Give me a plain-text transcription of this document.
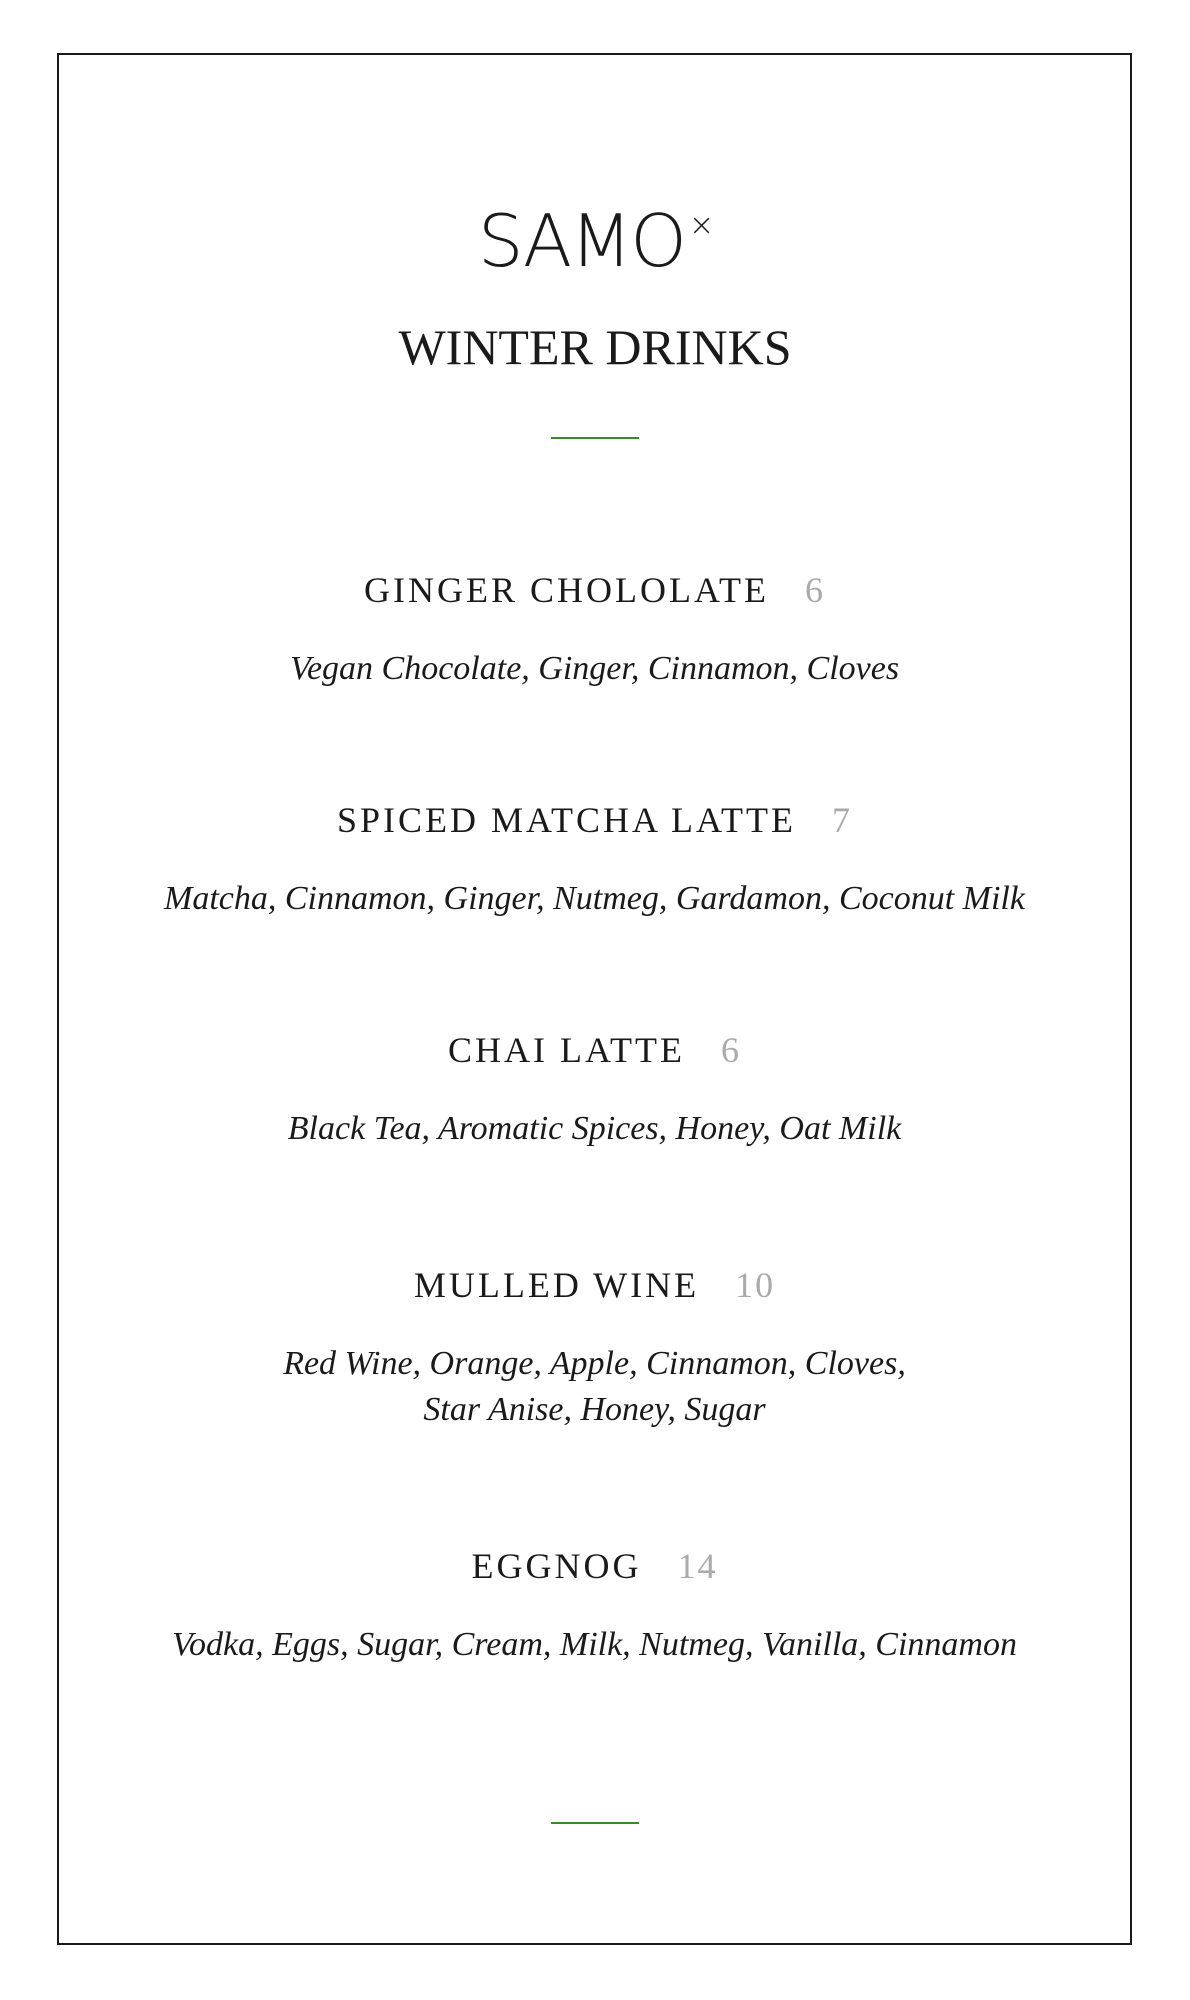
SAMO ×
WINTER DRINKS
GINGER CHOLOLATE 6
Vegan Chocolate, Ginger, Cinnamon, Cloves
SPICED MATCHA LATTE 7
Matcha, Cinnamon, Ginger, Nutmeg, Gardamon, Coconut Milk
CHAI LATTE 6
Black Tea, Aromatic Spices, Honey, Oat Milk
MULLED WINE 10
Red Wine, Orange, Apple, Cinnamon, Cloves,
Star Anise, Honey, Sugar
EGGNOG 14
Vodka, Eggs, Sugar, Cream, Milk, Nutmeg, Vanilla, Cinnamon
